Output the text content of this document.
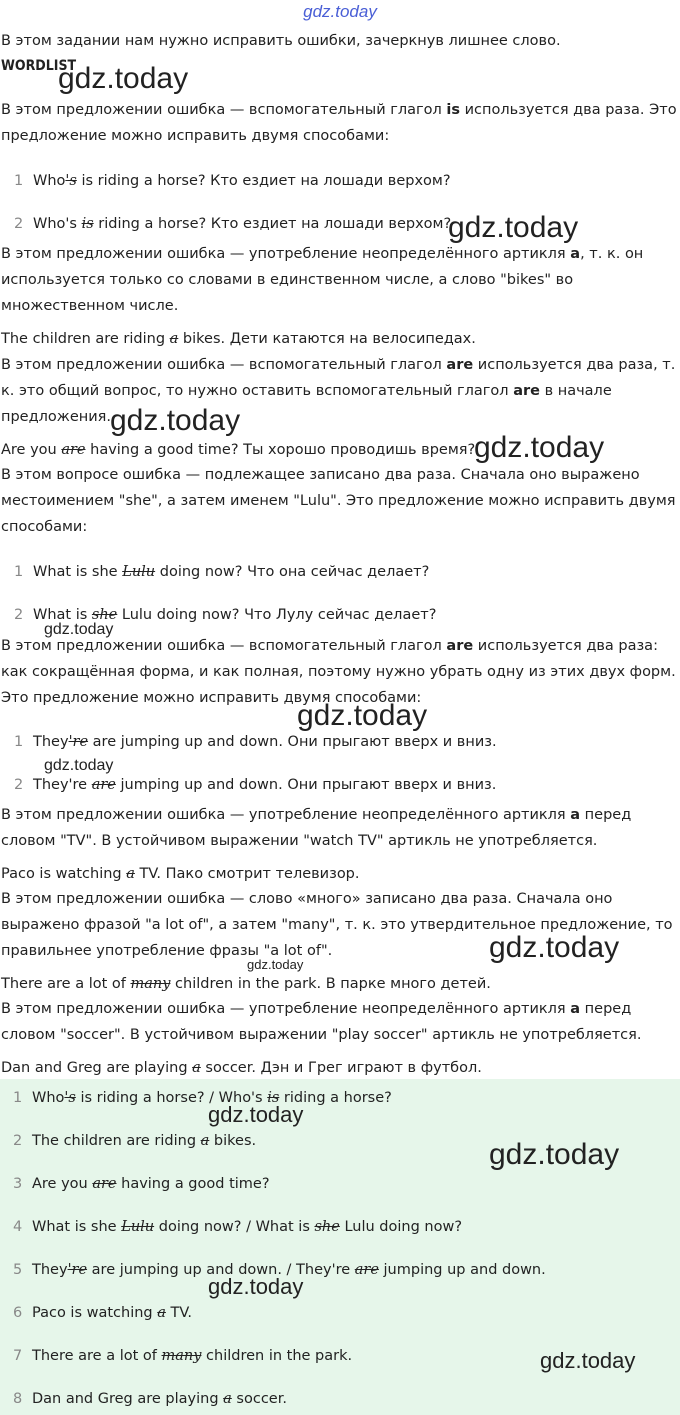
gdz.today

В этом задании нам нужно исправить ошибки, зачеркнув лишнее слово.

WORDLIST
В этом предложении ошибка — вспомогательный глагол is используется два раза. Это предложение можно исправить двумя способами:
1 Who's is riding a horse? Кто ездиет на лошади верхом?
2 Who's is riding a horse? Кто ездиет на лошади верхом?
В этом предложении ошибка — употребление неопределённого артикля a, т. к. он используется только со словами в единственном числе, а слово "bikes" во множественном числе.
The children are riding a bikes. Дети катаются на велосипедах.
В этом предложении ошибка — вспомогательный глагол are используется два раза, т. к. это общий вопрос, то нужно оставить вспомогательный глагол are в начале предложения.
Are you are having a good time? Ты хорошо проводишь время?
В этом вопросе ошибка — подлежащее записано два раза. Сначала оно выражено местоимением "she", а затем именем "Lulu". Это предложение можно исправить двумя способами:
1 What is she Lulu doing now? Что она сейчас делает?
2 What is she Lulu doing now? Что Лулу сейчас делает?
В этом предложении ошибка — вспомогательный глагол are используется два раза: как сокращённая форма, и как полная, поэтому нужно убрать одну из этих двух форм. Это предложение можно исправить двумя способами:
1 They're are jumping up and down. Они прыгают вверх и вниз.
2 They're are jumping up and down. Они прыгают вверх и вниз.
В этом предложении ошибка — употребление неопределённого артикля a перед словом "TV". В устойчивом выражении "watch TV" артикль не употребляется.
Paco is watching a TV. Пако смотрит телевизор.
В этом предложении ошибка — слово «много» записано два раза. Сначала оно выражено фразой "a lot of", а затем "many", т. к. это утвердительное предложение, то правильнее употребление фразы "a lot of".
There are a lot of many children in the park. В парке много детей.
В этом предложении ошибка — употребление неопределённого артикля a перед словом "soccer". В устойчивом выражении "play soccer" артикль не употребляется.
Dan and Greg are playing a soccer. Дэн и Грег играют в футбол.
1 Who's is riding a horse? / Who's is riding a horse?
2 The children are riding a bikes.
3 Are you are having a good time?
4 What is she Lulu doing now? / What is she Lulu doing now?
5 They're are jumping up and down. / They're are jumping up and down.
6 Paco is watching a TV.
7 There are a lot of many children in the park.
8 Dan and Greg are playing a soccer.
gdz.today
gdz.today
gdz.today
gdz.today
gdz.today
gdz.today
gdz.today
gdz.today
gdz.today
gdz.today
gdz.today
gdz.today
gdz.today
